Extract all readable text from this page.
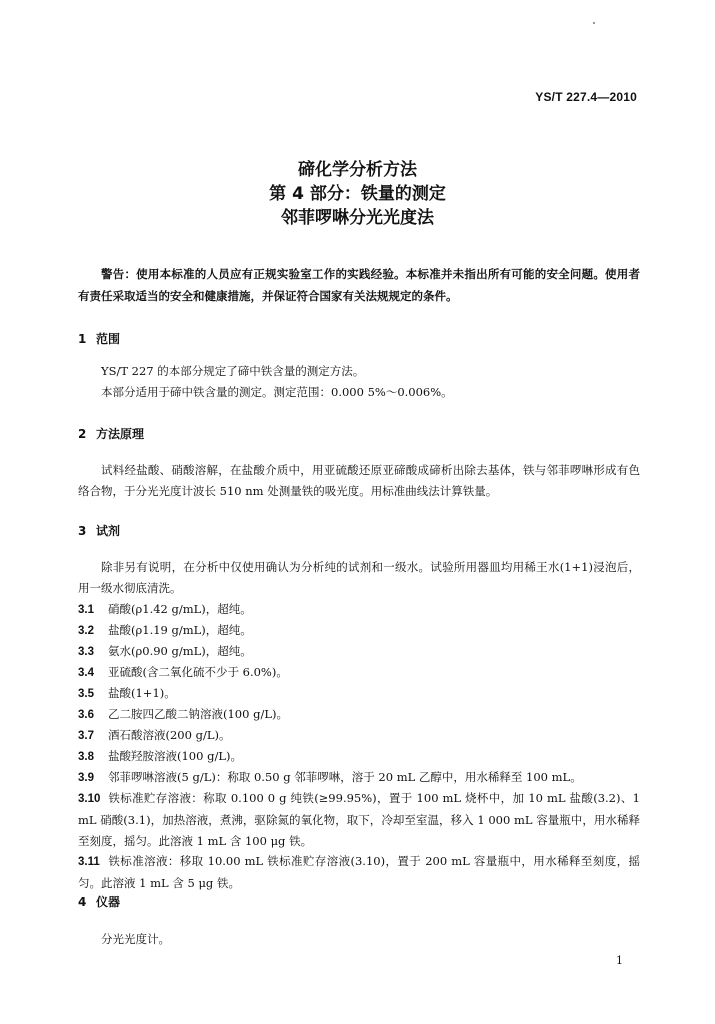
YS/T 227.4—2010
碲化学分析方法
第 4 部分：铁量的测定
邻菲啰啉分光光度法
警告：使用本标准的人员应有正规实验室工作的实践经验。本标准并未指出所有可能的安全问题。使用者有责任采取适当的安全和健康措施，并保证符合国家有关法规规定的条件。
1 范围
YS/T 227 的本部分规定了碲中铁含量的测定方法。
本部分适用于碲中铁含量的测定。测定范围：0.000 5%～0.006%。
2 方法原理
试料经盐酸、硝酸溶解，在盐酸介质中，用亚硫酸还原亚碲酸成碲析出除去基体，铁与邻菲啰啉形成有色络合物，于分光光度计波长 510 nm 处测量铁的吸光度。用标准曲线法计算铁量。
3 试剂
除非另有说明，在分析中仅使用确认为分析纯的试剂和一级水。试验所用器皿均用稀王水(1+1)浸泡后，用一级水彻底清洗。
3.1 硝酸(ρ1.42 g/mL)，超纯。
3.2 盐酸(ρ1.19 g/mL)，超纯。
3.3 氨水(ρ0.90 g/mL)，超纯。
3.4 亚硫酸(含二氧化硫不少于 6.0%)。
3.5 盐酸(1+1)。
3.6 乙二胺四乙酸二钠溶液(100 g/L)。
3.7 酒石酸溶液(200 g/L)。
3.8 盐酸羟胺溶液(100 g/L)。
3.9 邻菲啰啉溶液(5 g/L)：称取 0.50 g 邻菲啰啉，溶于 20 mL 乙醇中，用水稀释至 100 mL。
3.10 铁标准贮存溶液：称取 0.100 0 g 纯铁(≥99.95%)，置于 100 mL 烧杯中，加 10 mL 盐酸(3.2)、1 mL 硝酸(3.1)，加热溶液，煮沸，驱除氮的氧化物，取下，冷却至室温，移入 1 000 mL 容量瓶中，用水稀释至刻度，摇匀。此溶液 1 mL 含 100 μg 铁。
3.11 铁标准溶液：移取 10.00 mL 铁标准贮存溶液(3.10)，置于 200 mL 容量瓶中，用水稀释至刻度，摇匀。此溶液 1 mL 含 5 μg 铁。
4 仪器
分光光度计。
1
